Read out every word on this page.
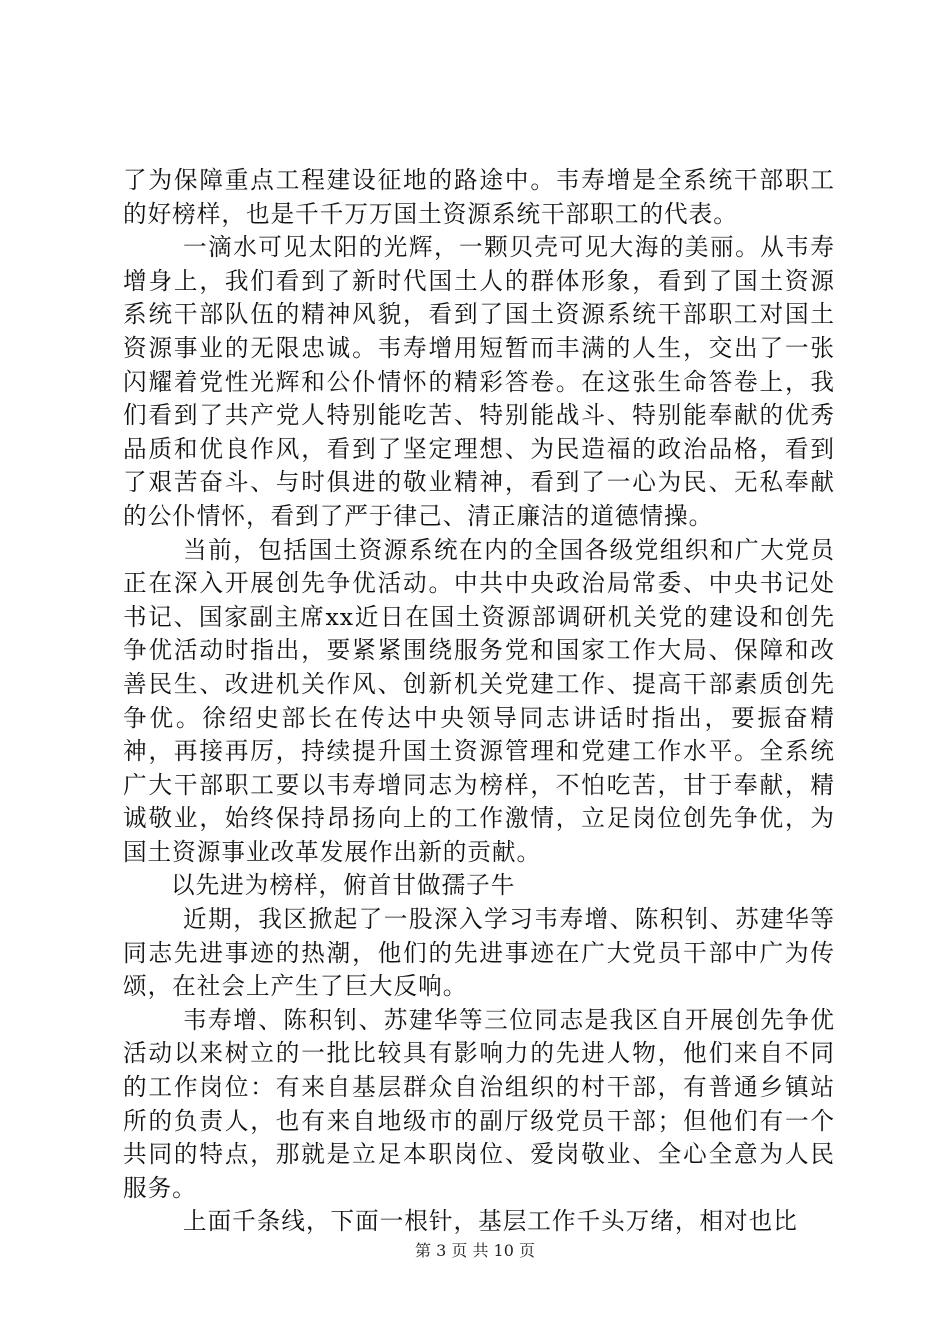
了为保障重点工程建设征地的路途中。韦寿增是全系统干部职工的好榜样，也是千千万万国土资源系统干部职工的代表。

一滴水可见太阳的光辉，一颗贝壳可见大海的美丽。从韦寿增身上，我们看到了新时代国土人的群体形象，看到了国土资源系统干部队伍的精神风貌，看到了国土资源系统干部职工对国土资源事业的无限忠诚。韦寿增用短暂而丰满的人生，交出了一张闪耀着党性光辉和公仆情怀的精彩答卷。在这张生命答卷上，我们看到了共产党人特别能吃苦、特别能战斗、特别能奉献的优秀品质和优良作风，看到了坚定理想、为民造福的政治品格，看到了艰苦奋斗、与时俱进的敬业精神，看到了一心为民、无私奉献的公仆情怀，看到了严于律己、清正廉洁的道德情操。

当前，包括国土资源系统在内的全国各级党组织和广大党员正在深入开展创先争优活动。中共中央政治局常委、中央书记处书记、国家副主席xx近日在国土资源部调研机关党的建设和创先争优活动时指出，要紧紧围绕服务党和国家工作大局、保障和改善民生、改进机关作风、创新机关党建工作、提高干部素质创先争优。徐绍史部长在传达中央领导同志讲话时指出，要振奋精神，再接再厉，持续提升国土资源管理和党建工作水平。全系统广大干部职工要以韦寿增同志为榜样，不怕吃苦，甘于奉献，精诚敬业，始终保持昂扬向上的工作激情，立足岗位创先争优，为国土资源事业改革发展作出新的贡献。

以先进为榜样，俯首甘做孺子牛

近期，我区掀起了一股深入学习韦寿增、陈积钊、苏建华等同志先进事迹的热潮，他们的先进事迹在广大党员干部中广为传颂，在社会上产生了巨大反响。

韦寿增、陈积钊、苏建华等三位同志是我区自开展创先争优活动以来树立的一批比较具有影响力的先进人物，他们来自不同的工作岗位：有来自基层群众自治组织的村干部，有普通乡镇站所的负责人，也有来自地级市的副厅级党员干部；但他们有一个共同的特点，那就是立足本职岗位、爱岗敬业、全心全意为人民服务。

上面千条线，下面一根针，基层工作千头万绪，相对也比

第 3 页 共 10 页
